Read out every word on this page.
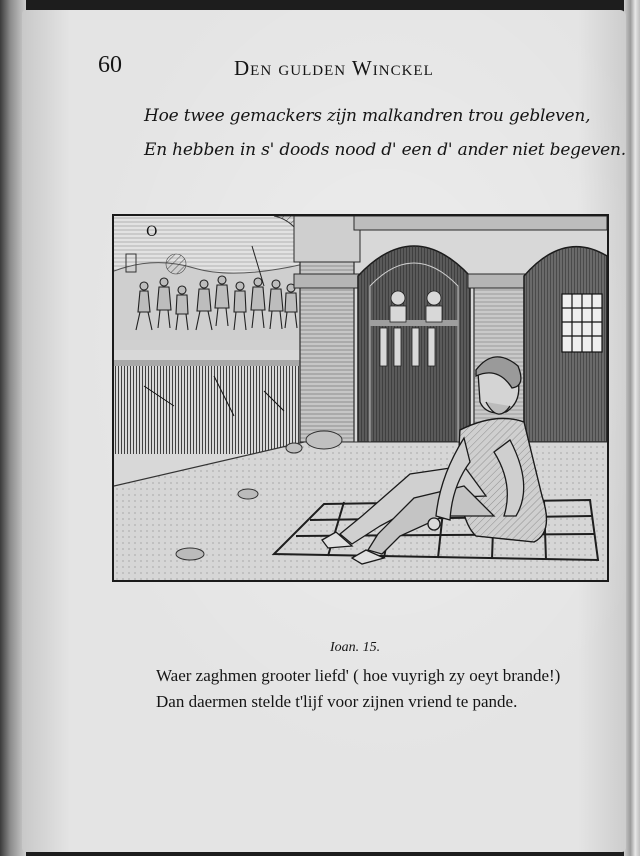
60	Den gulden Winckel
Hoe twee gemackers zijn malkandren trou gebleven,
En hebben in s' doods nood d' een d' ander niet begeven.
O
Ioan. 15.
Waer zaghmen grooter liefd' ( hoe vuyrigh zy oeyt brande!)
Dan daermen stelde t'lijf voor zijnen vriend te pande.
